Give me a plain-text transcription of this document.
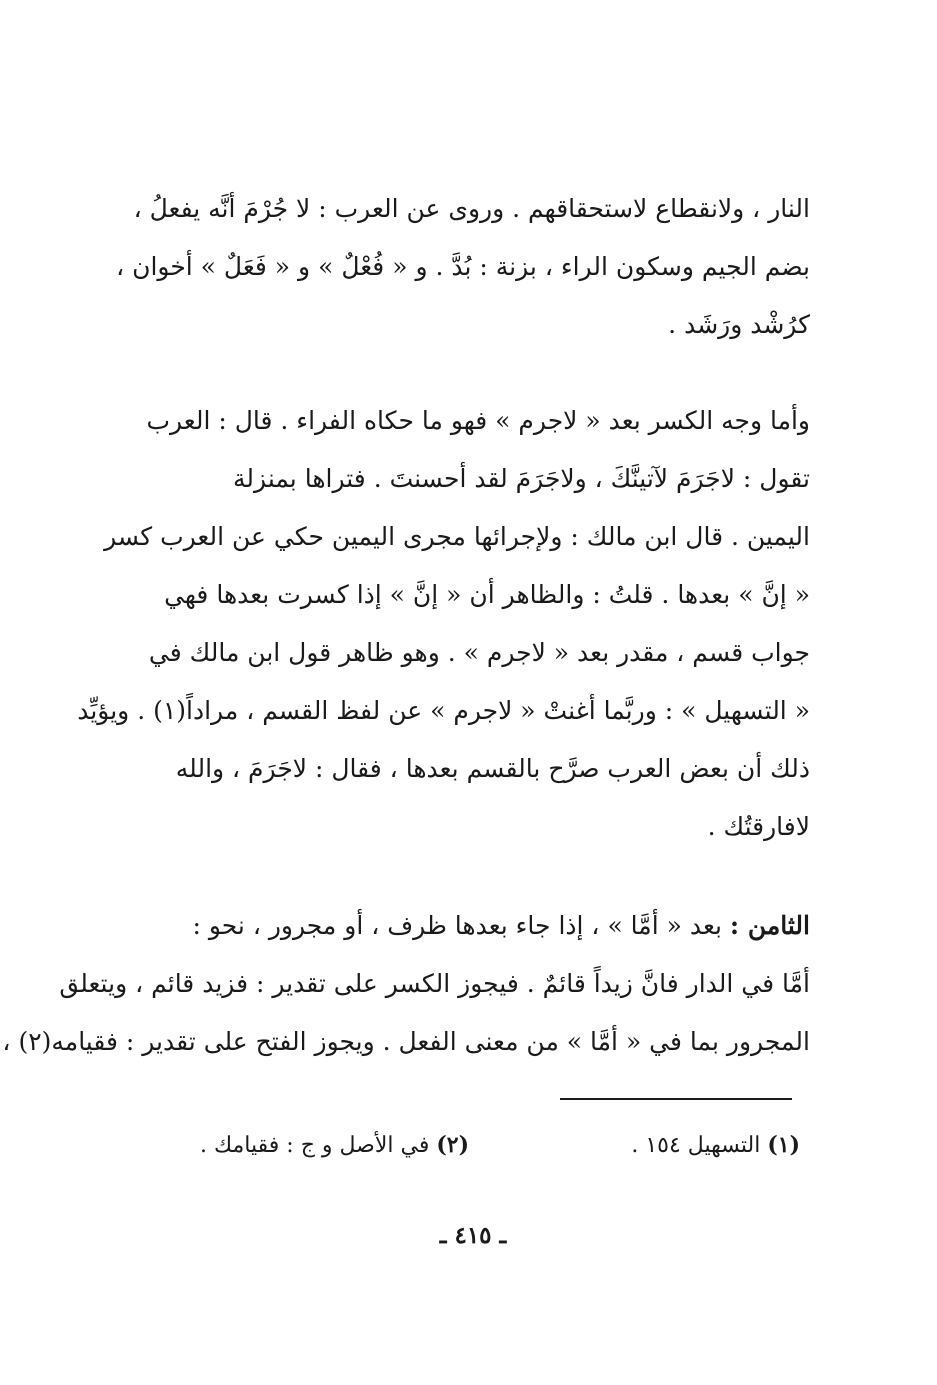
النار ، ولانقطاع لاستحقاقهم . وروى عن العرب : لا جُرْمَ أنَّه يفعلُ ،
بضم الجيم وسكون الراء ، بزنة : بُدَّ . و « فُعْلٌ » و « فَعَلٌ » أخوان ،
كرُشْد ورَشَد .
وأما وجه الكسر بعد « لاجرم » فهو ما حكاه الفراء . قال : العرب
تقول : لاجَرَمَ لآتينَّكَ ، ولاجَرَمَ لقد أحسنتَ . فتراها بمنزلة
اليمين . قال ابن مالك : ولإجرائها مجرى اليمين حكي عن العرب كسر
« إنَّ » بعدها . قلتُ : والظاهر أن « إنَّ » إذا كسرت بعدها فهي
جواب قسم ، مقدر بعد « لاجرم » . وهو ظاهر قول ابن مالك في
« التسهيل » : وربَّما أغنتْ « لاجرم » عن لفظ القسم ، مراداً(١) . ويؤيِّد
ذلك أن بعض العرب صرَّح بالقسم بعدها ، فقال : لاجَرَمَ ، والله
لافارقتُك .
الثامن : بعد « أمَّا » ، إذا جاء بعدها ظرف ، أو مجرور ، نحو :
أمَّا في الدار فانَّ زيداً قائمٌ . فيجوز الكسر على تقدير : فزيد قائم ، ويتعلق
المجرور بما في « أمَّا » من معنى الفعل . ويجوز الفتح على تقدير : فقيامه(٢) ،
(١) التسهيل ١٥٤ .
(٢) في الأصل و ج : فقيامك .
ـ ٤١٥ ـ
